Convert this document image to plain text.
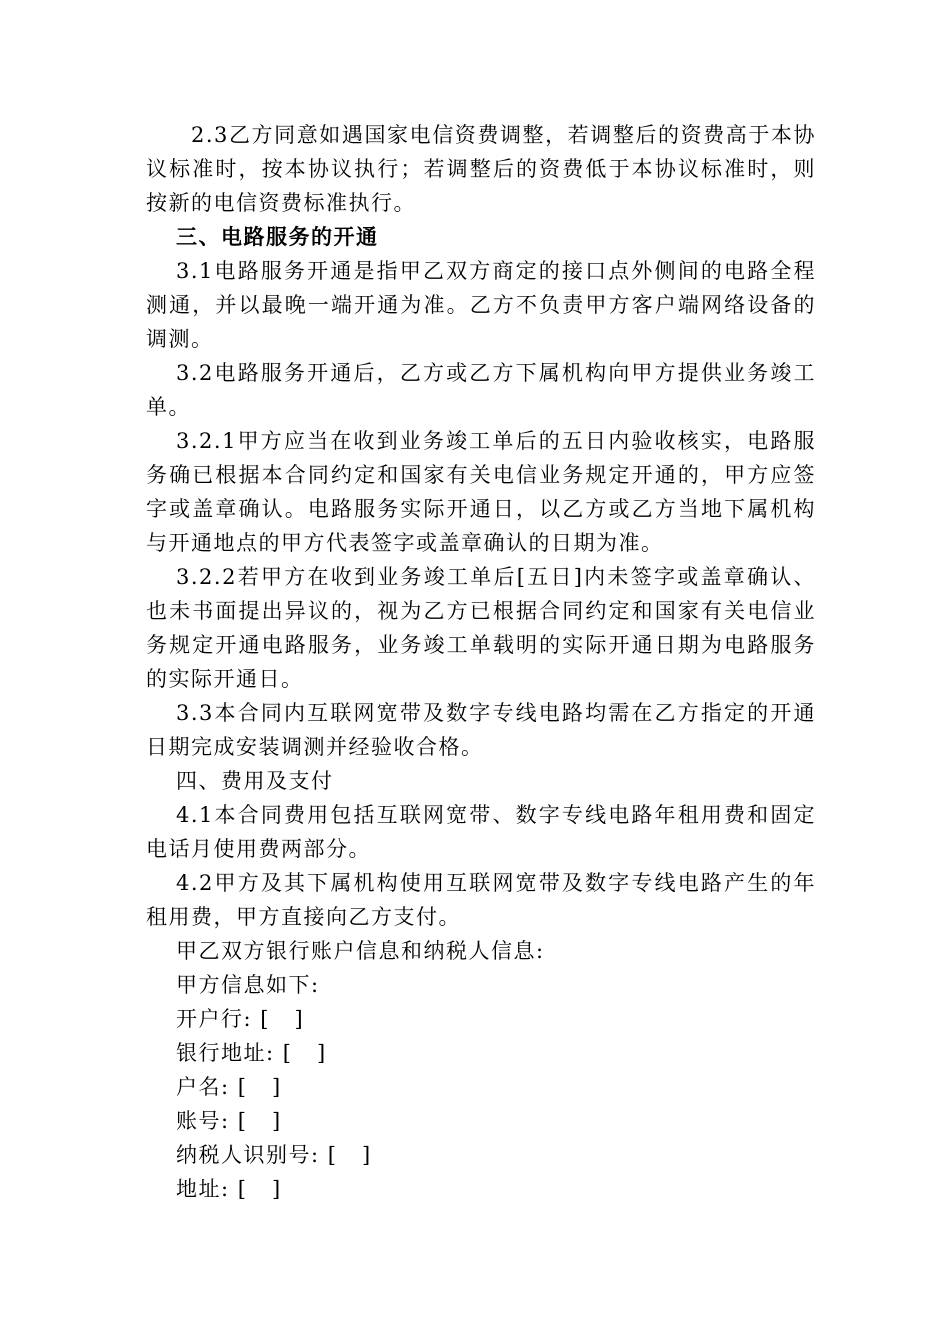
2.3乙方同意如遇国家电信资费调整，若调整后的资费高于本协议标准时，按本协议执行；若调整后的资费低于本协议标准时，则按新的电信资费标准执行。

三、电路服务的开通

3.1电路服务开通是指甲乙双方商定的接口点外侧间的电路全程测通，并以最晚一端开通为准。乙方不负责甲方客户端网络设备的调测。

3.2电路服务开通后，乙方或乙方下属机构向甲方提供业务竣工单。

3.2.1甲方应当在收到业务竣工单后的五日内验收核实，电路服务确已根据本合同约定和国家有关电信业务规定开通的，甲方应签字或盖章确认。电路服务实际开通日，以乙方或乙方当地下属机构与开通地点的甲方代表签字或盖章确认的日期为准。

3.2.2若甲方在收到业务竣工单后[五日]内未签字或盖章确认、也未书面提出异议的，视为乙方已根据合同约定和国家有关电信业务规定开通电路服务，业务竣工单载明的实际开通日期为电路服务的实际开通日。

3.3本合同内互联网宽带及数字专线电路均需在乙方指定的开通日期完成安装调测并经验收合格。

四、费用及支付

4.1本合同费用包括互联网宽带、数字专线电路年租用费和固定电话月使用费两部分。

4.2甲方及其下属机构使用互联网宽带及数字专线电路产生的年租用费，甲方直接向乙方支付。

甲乙双方银行账户信息和纳税人信息:

甲方信息如下:

开户行: [   ]

银行地址: [   ]

户名: [   ]

账号: [   ]

纳税人识别号: [   ]

地址: [   ]
